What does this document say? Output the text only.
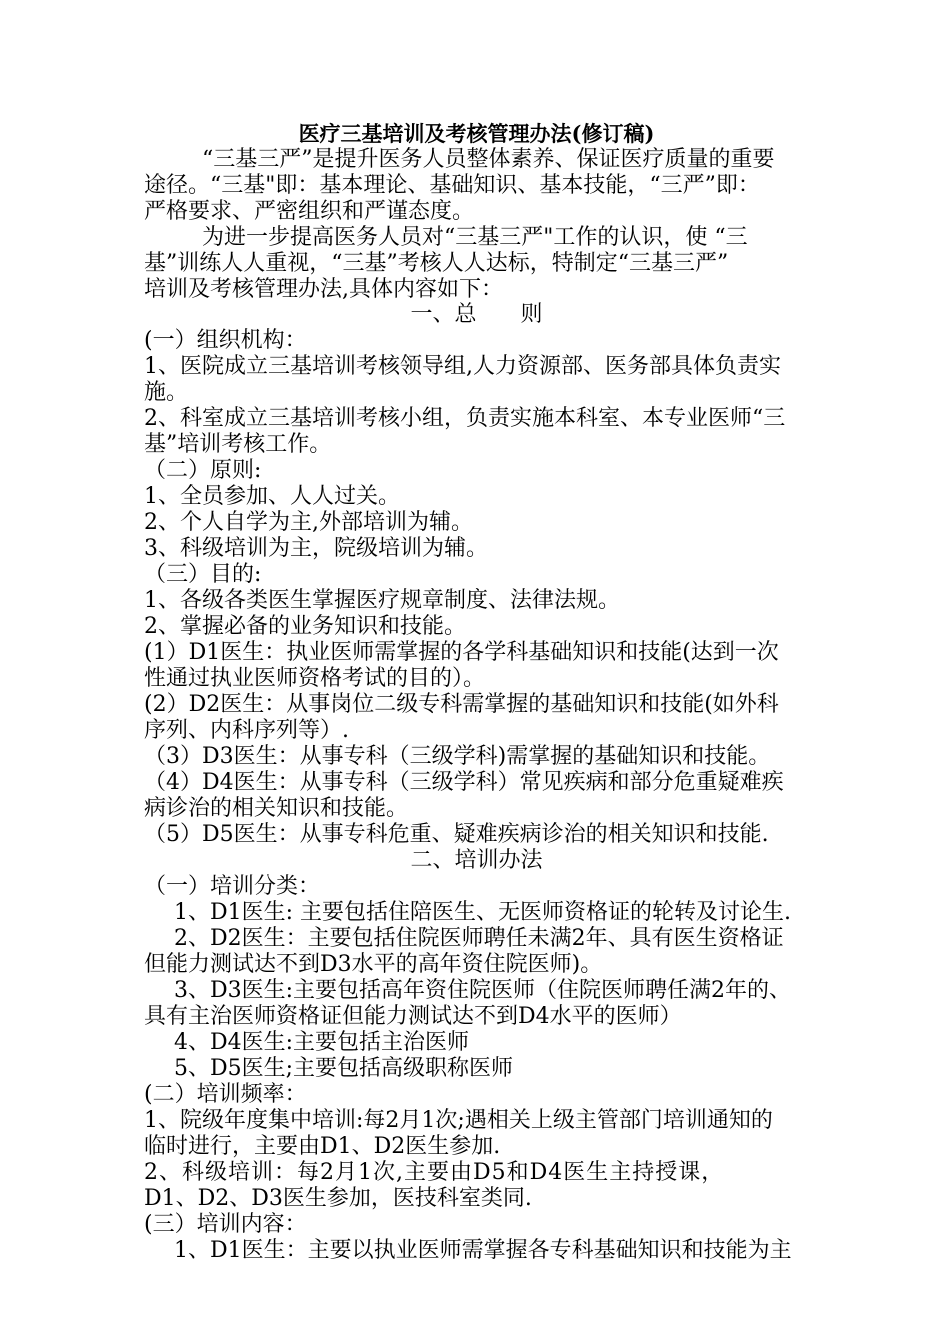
医疗三基培训及考核管理办法(修订稿)
“三基三严”是提升医务人员整体素养、保证医疗质量的重要
途径。“三基"即：基本理论、基础知识、基本技能，“三严”即：
严格要求、严密组织和严谨态度。
为进一步提高医务人员对“三基三严"工作的认识，使 “三
基”训练人人重视，“三基”考核人人达标，特制定“三基三严”
培训及考核管理办法,具体内容如下：
一、总　　则
(一）组织机构：
1、医院成立三基培训考核领导组,人力资源部、医务部具体负责实
施。
2、科室成立三基培训考核小组，负责实施本科室、本专业医师“三
基”培训考核工作。
（二）原则:
1、全员参加、人人过关。
2、个人自学为主,外部培训为辅。
3、科级培训为主，院级培训为辅。
（三）目的:
1、各级各类医生掌握医疗规章制度、法律法规。
2、掌握必备的业务知识和技能。
(1）D1医生：执业医师需掌握的各学科基础知识和技能(达到一次
性通过执业医师资格考试的目的）。
(2）D2医生：从事岗位二级专科需掌握的基础知识和技能(如外科
序列、内科序列等）.
（3）D3医生：从事专科（三级学科)需掌握的基础知识和技能。
（4）D4医生：从事专科（三级学科）常见疾病和部分危重疑难疾
病诊治的相关知识和技能。
（5）D5医生：从事专科危重、疑难疾病诊治的相关知识和技能.
二、培训办法
（一）培训分类：
1、D1医生: 主要包括住陪医生、无医师资格证的轮转及讨论生.
2、D2医生：主要包括住院医师聘任未满2年、具有医生资格证
但能力测试达不到D3水平的高年资住院医师)。
3、D3医生:主要包括高年资住院医师（住院医师聘任满2年的、
具有主治医师资格证但能力测试达不到D4水平的医师）
4、D4医生:主要包括主治医师
5、D5医生;主要包括高级职称医师
(二）培训频率：
1、院级年度集中培训:每2月1次;遇相关上级主管部门培训通知的
临时进行，主要由D1、D2医生参加.
2、科级培训：每2月1次,主要由D5和D4医生主持授课，
D1、D2、D3医生参加，医技科室类同.
(三）培训内容：
1、D1医生：主要以执业医师需掌握各专科基础知识和技能为主
